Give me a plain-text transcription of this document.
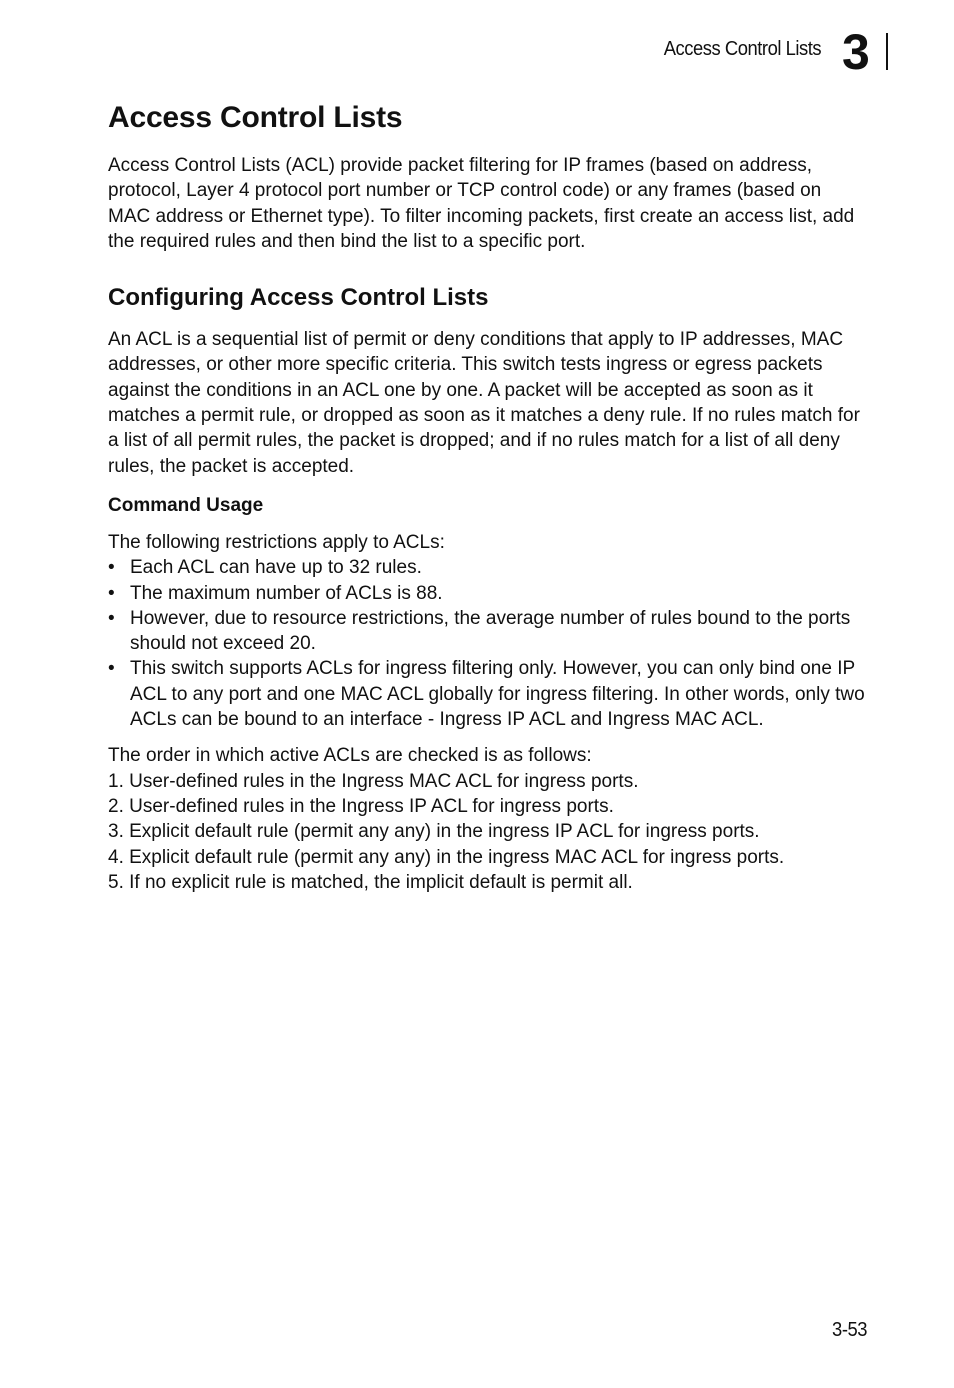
Access Control Lists 3
Access Control Lists

Access Control Lists (ACL) provide packet filtering for IP frames (based on address, protocol, Layer 4 protocol port number or TCP control code) or any frames (based on MAC address or Ethernet type). To filter incoming packets, first create an access list, add the required rules and then bind the list to a specific port.

Configuring Access Control Lists

An ACL is a sequential list of permit or deny conditions that apply to IP addresses, MAC addresses, or other more specific criteria. This switch tests ingress or egress packets against the conditions in an ACL one by one. A packet will be accepted as soon as it matches a permit rule, or dropped as soon as it matches a deny rule. If no rules match for a list of all permit rules, the packet is dropped; and if no rules match for a list of all deny rules, the packet is accepted.

Command Usage

The following restrictions apply to ACLs:

• Each ACL can have up to 32 rules.
• The maximum number of ACLs is 88.
• However, due to resource restrictions, the average number of rules bound to the ports should not exceed 20.
• This switch supports ACLs for ingress filtering only. However, you can only bind one IP ACL to any port and one MAC ACL globally for ingress filtering. In other words, only two ACLs can be bound to an interface - Ingress IP ACL and Ingress MAC ACL.

The order in which active ACLs are checked is as follows:

1. User-defined rules in the Ingress MAC ACL for ingress ports.
2. User-defined rules in the Ingress IP ACL for ingress ports.
3. Explicit default rule (permit any any) in the ingress IP ACL for ingress ports.
4. Explicit default rule (permit any any) in the ingress MAC ACL for ingress ports.
5. If no explicit rule is matched, the implicit default is permit all.
3-53
